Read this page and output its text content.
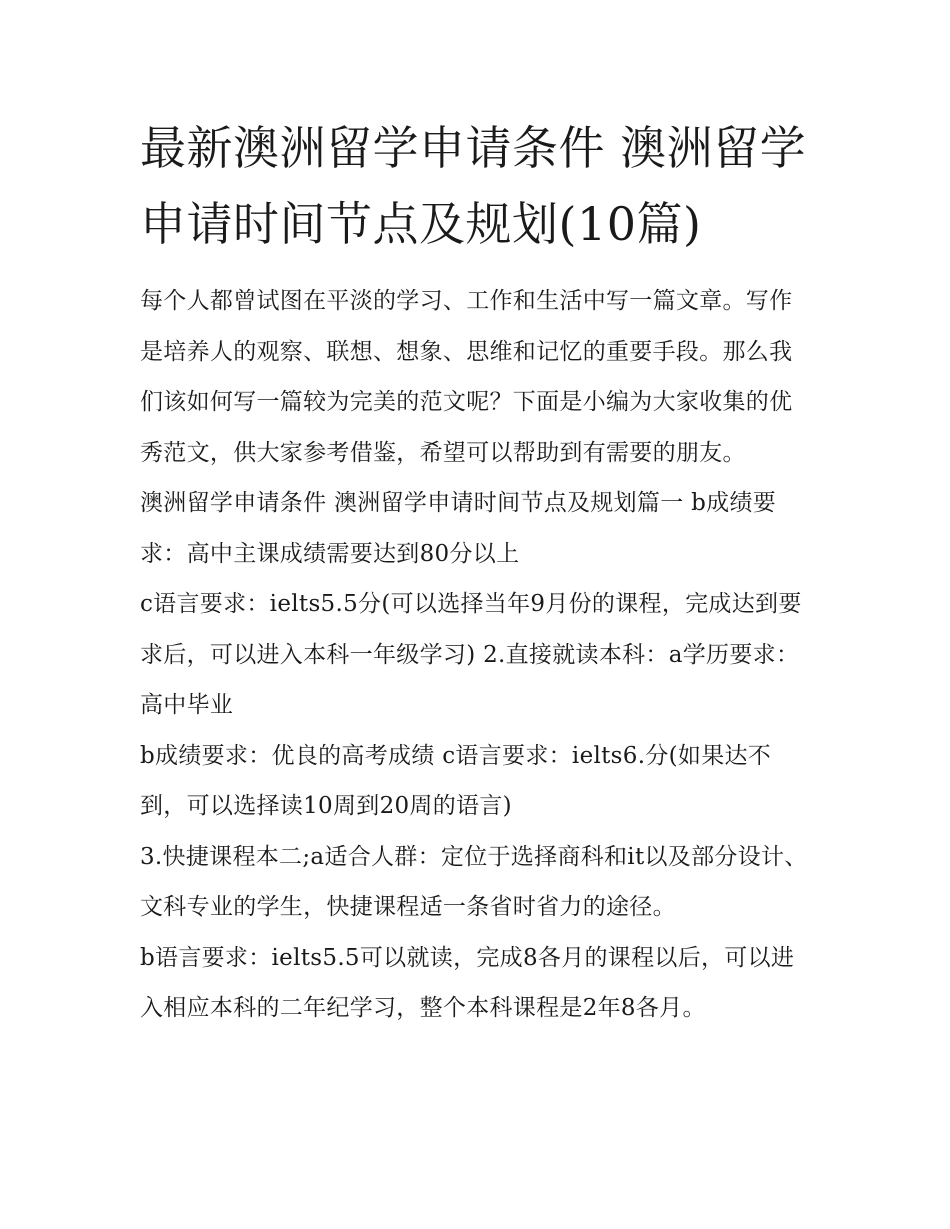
最新澳洲留学申请条件 澳洲留学申请时间节点及规划(10篇)

每个人都曾试图在平淡的学习、工作和生活中写一篇文章。写作是培养人的观察、联想、想象、思维和记忆的重要手段。那么我们该如何写一篇较为完美的范文呢？下面是小编为大家收集的优秀范文，供大家参考借鉴，希望可以帮助到有需要的朋友。

澳洲留学申请条件 澳洲留学申请时间节点及规划篇一 b成绩要求：高中主课成绩需要达到80分以上

c语言要求：ielts5.5分(可以选择当年9月份的课程，完成达到要求后，可以进入本科一年级学习) 2.直接就读本科：a学历要求：高中毕业

b成绩要求：优良的高考成绩 c语言要求：ielts6.分(如果达不到，可以选择读10周到20周的语言)

3.快捷课程本二;a适合人群：定位于选择商科和it以及部分设计、文科专业的学生，快捷课程适一条省时省力的途径。

b语言要求：ielts5.5可以就读，完成8各月的课程以后，可以进入相应本科的二年纪学习，整个本科课程是2年8各月。
